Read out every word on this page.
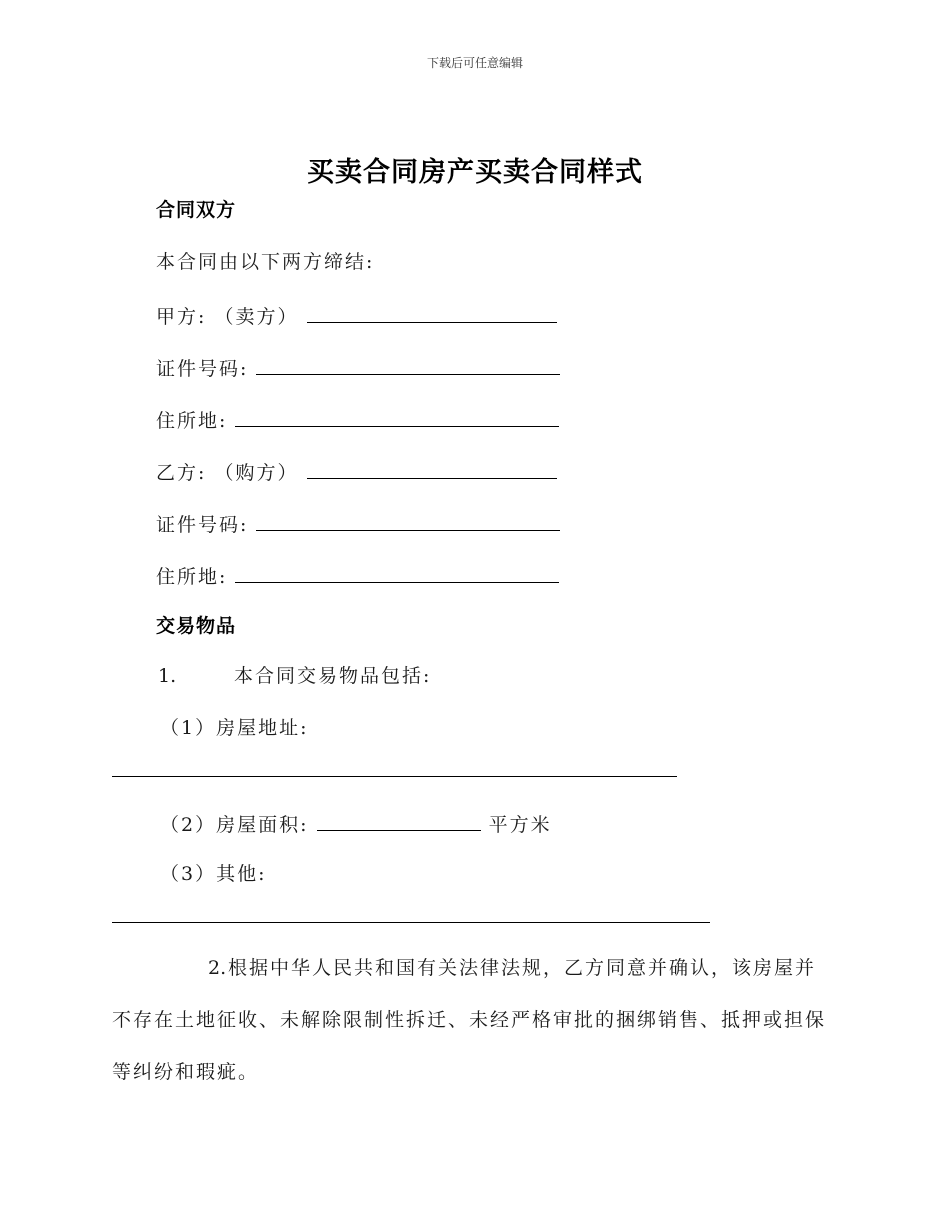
下载后可任意编辑
买卖合同房产买卖合同样式
合同双方
本合同由以下两方缔结:
甲方: （卖方）
证件号码:
住所地:
乙方: （购方）
证件号码:
住所地:
交易物品
1.	本合同交易物品包括:
（1）房屋地址:
（2）房屋面积:	平方米
（3）其他:
2.根据中华人民共和国有关法律法规，乙方同意并确认，该房屋并不存在土地征收、未解除限制性拆迁、未经严格审批的捆绑销售、抵押或担保等纠纷和瑕疵。
